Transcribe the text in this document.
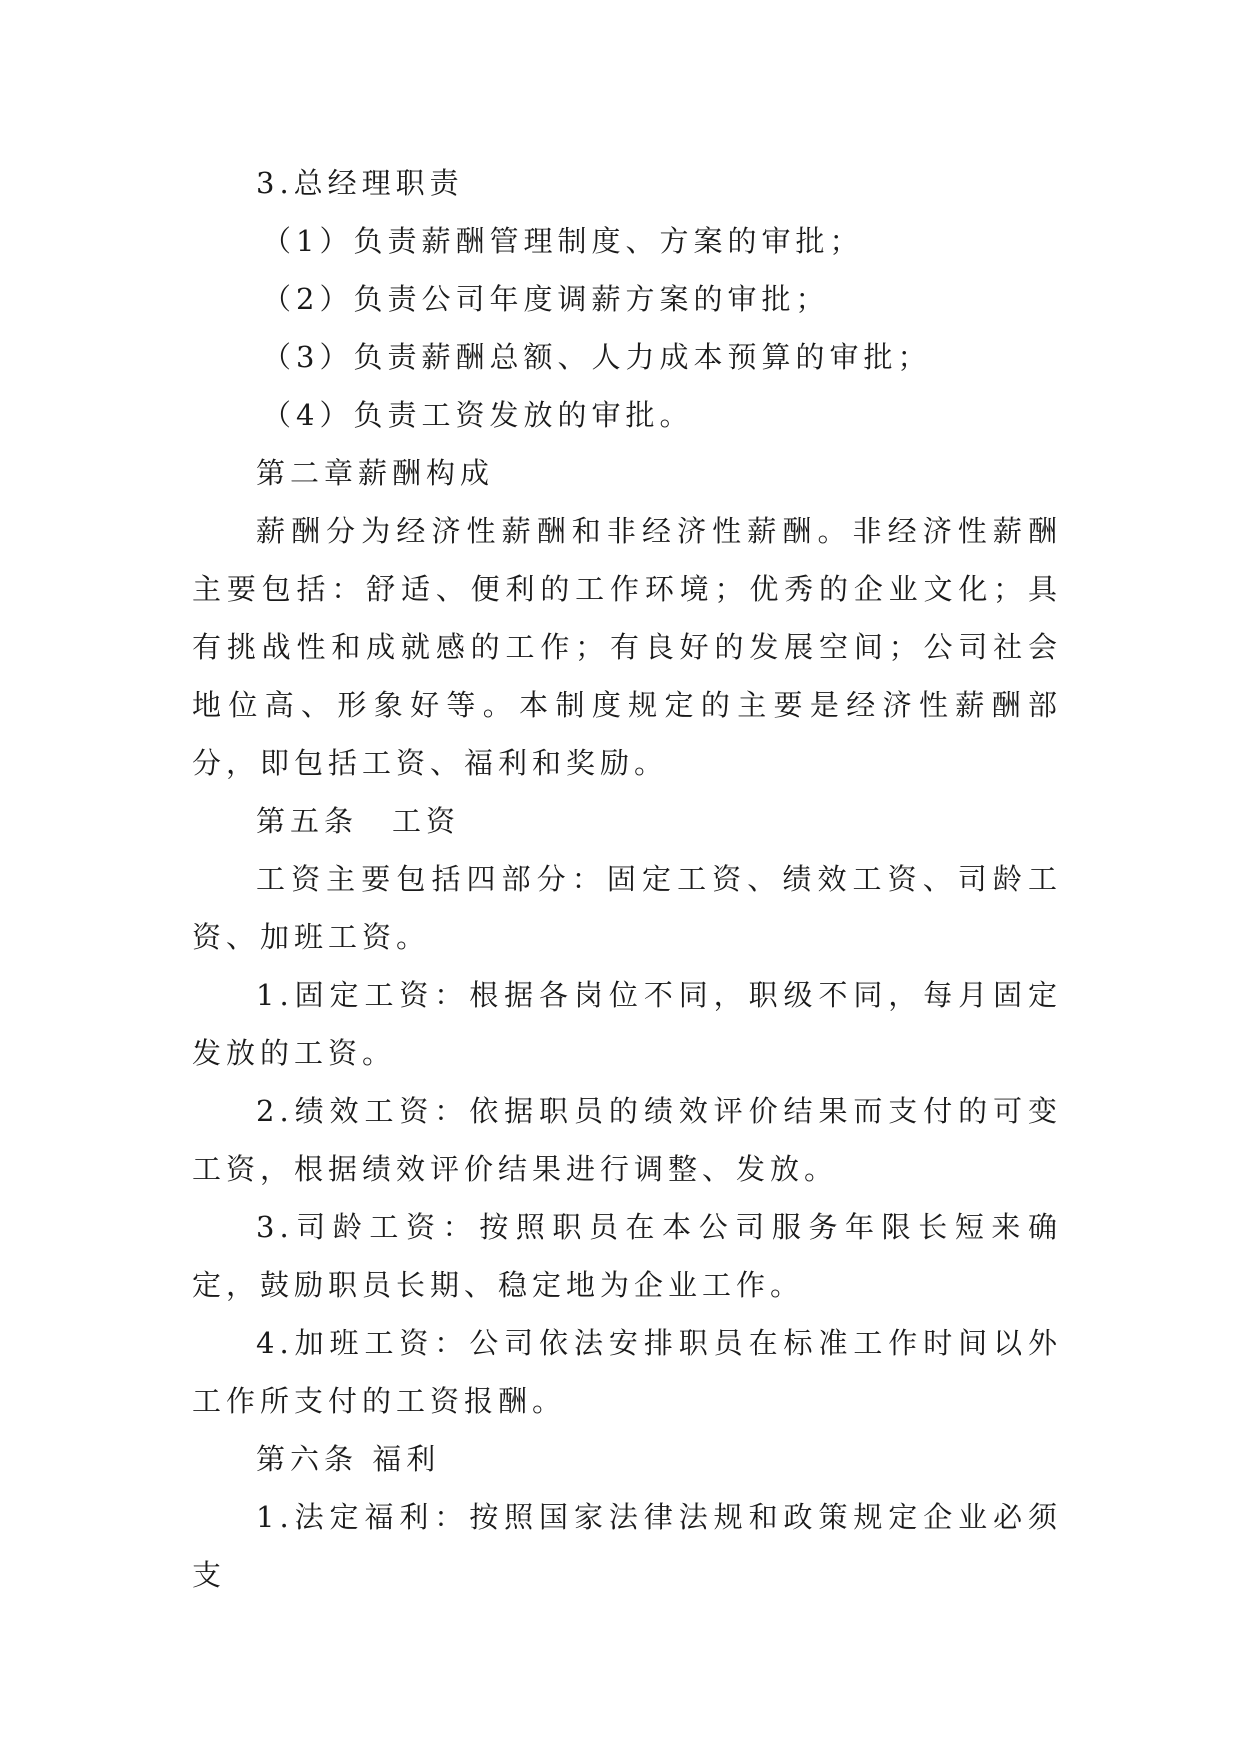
3.总经理职责

（1）负责薪酬管理制度、方案的审批；

（2）负责公司年度调薪方案的审批；

（3）负责薪酬总额、人力成本预算的审批；

（4）负责工资发放的审批。

第二章薪酬构成

薪酬分为经济性薪酬和非经济性薪酬。非经济性薪酬主要包括：舒适、便利的工作环境；优秀的企业文化；具有挑战性和成就感的工作；有良好的发展空间；公司社会地位高、形象好等。本制度规定的主要是经济性薪酬部分，即包括工资、福利和奖励。

第五条　工资

工资主要包括四部分：固定工资、绩效工资、司龄工资、加班工资。

1.固定工资：根据各岗位不同，职级不同，每月固定发放的工资。

2.绩效工资：依据职员的绩效评价结果而支付的可变工资，根据绩效评价结果进行调整、发放。

3.司龄工资：按照职员在本公司服务年限长短来确定，鼓励职员长期、稳定地为企业工作。

4.加班工资：公司依法安排职员在标准工作时间以外工作所支付的工资报酬。

第六条 福利

1.法定福利：按照国家法律法规和政策规定企业必须支
